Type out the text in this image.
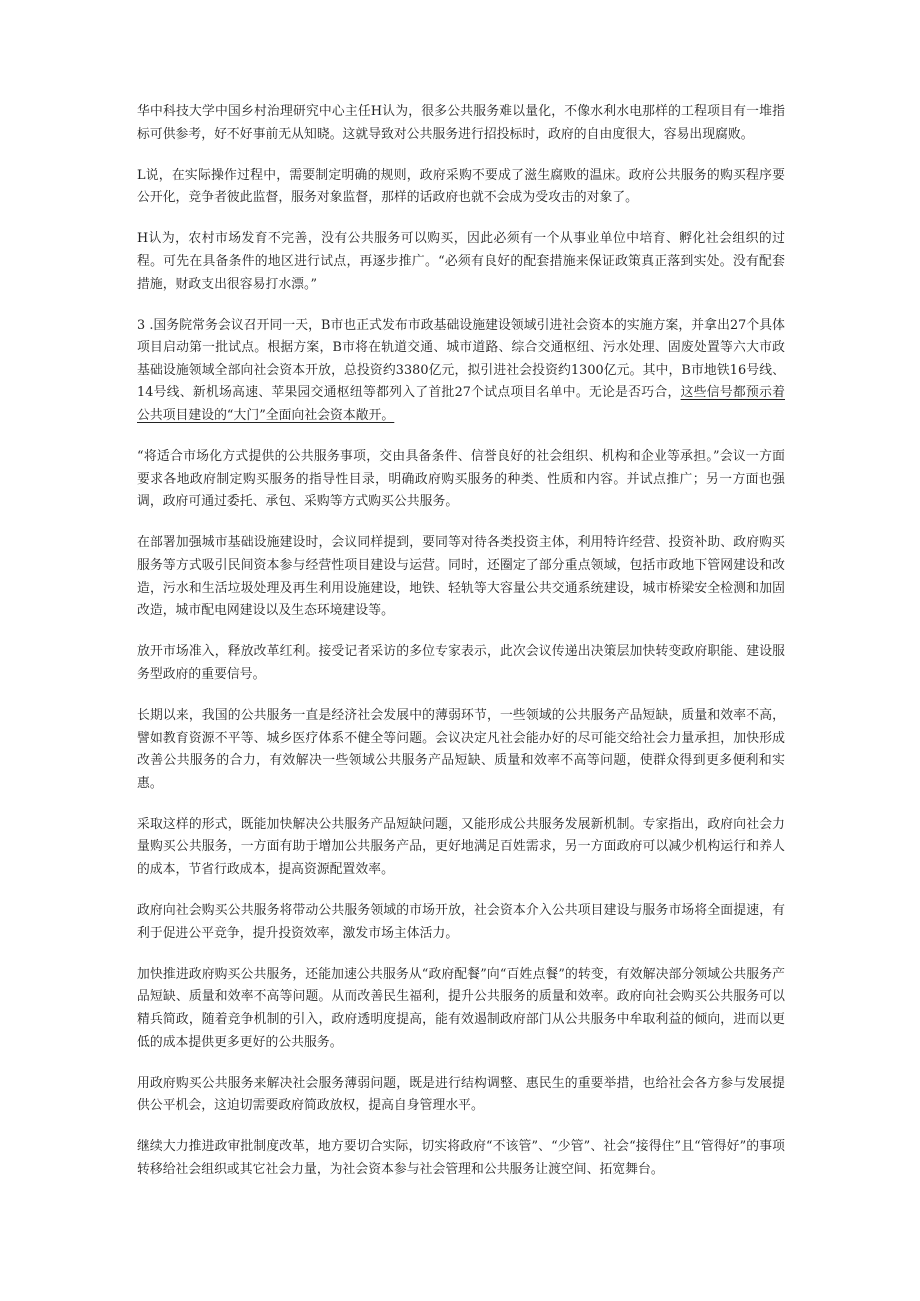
华中科技大学中国乡村治理研究中心主任H认为，很多公共服务难以量化，不像水利水电那样的工程项目有一堆指标可供参考，好不好事前无从知晓。这就导致对公共服务进行招投标时，政府的自由度很大，容易出现腐败。

L说，在实际操作过程中，需要制定明确的规则，政府采购不要成了滋生腐败的温床。政府公共服务的购买程序要公开化，竞争者彼此监督，服务对象监督，那样的话政府也就不会成为受攻击的对象了。

H认为，农村市场发育不完善，没有公共服务可以购买，因此必须有一个从事业单位中培育、孵化社会组织的过程。可先在具备条件的地区进行试点，再逐步推广。“必须有良好的配套措施来保证政策真正落到实处。没有配套措施，财政支出很容易打水漂。”

3 .国务院常务会议召开同一天，B市也正式发布市政基础设施建设领域引进社会资本的实施方案，并拿出27个具体项目启动第一批试点。根据方案，B市将在轨道交通、城市道路、综合交通枢纽、污水处理、固废处置等六大市政基础设施领域全部向社会资本开放，总投资约3380亿元，拟引进社会投资约1300亿元。其中，B市地铁16号线、14号线、新机场高速、苹果园交通枢纽等都列入了首批27个试点项目名单中。无论是否巧合，这些信号都预示着公共项目建设的“大门”全面向社会资本敞开。

“将适合市场化方式提供的公共服务事项，交由具备条件、信誉良好的社会组织、机构和企业等承担。”会议一方面要求各地政府制定购买服务的指导性目录，明确政府购买服务的种类、性质和内容。并试点推广；另一方面也强调，政府可通过委托、承包、采购等方式购买公共服务。

在部署加强城市基础设施建设时，会议同样提到，要同等对待各类投资主体，利用特许经营、投资补助、政府购买服务等方式吸引民间资本参与经营性项目建设与运营。同时，还圈定了部分重点领域，包括市政地下管网建设和改造，污水和生活垃圾处理及再生利用设施建设，地铁、轻轨等大容量公共交通系统建设，城市桥梁安全检测和加固改造，城市配电网建设以及生态环境建设等。

放开市场准入，释放改革红利。接受记者采访的多位专家表示，此次会议传递出决策层加快转变政府职能、建设服务型政府的重要信号。

长期以来，我国的公共服务一直是经济社会发展中的薄弱环节，一些领域的公共服务产品短缺，质量和效率不高，譬如教育资源不平等、城乡医疗体系不健全等问题。会议决定凡社会能办好的尽可能交给社会力量承担，加快形成改善公共服务的合力，有效解决一些领域公共服务产品短缺、质量和效率不高等问题，使群众得到更多便利和实惠。

采取这样的形式，既能加快解决公共服务产品短缺问题，又能形成公共服务发展新机制。专家指出，政府向社会力量购买公共服务，一方面有助于增加公共服务产品，更好地满足百姓需求，另一方面政府可以减少机构运行和养人的成本，节省行政成本，提高资源配置效率。

政府向社会购买公共服务将带动公共服务领域的市场开放，社会资本介入公共项目建设与服务市场将全面提速，有利于促进公平竞争，提升投资效率，激发市场主体活力。

加快推进政府购买公共服务，还能加速公共服务从“政府配餐”向“百姓点餐”的转变，有效解决部分领域公共服务产品短缺、质量和效率不高等问题。从而改善民生福利，提升公共服务的质量和效率。政府向社会购买公共服务可以精兵简政，随着竞争机制的引入，政府透明度提高，能有效遏制政府部门从公共服务中牟取利益的倾向，进而以更低的成本提供更多更好的公共服务。

用政府购买公共服务来解决社会服务薄弱问题，既是进行结构调整、惠民生的重要举措，也给社会各方参与发展提供公平机会，这迫切需要政府简政放权，提高自身管理水平。

继续大力推进政审批制度改革，地方要切合实际，切实将政府“不该管”、“少管”、社会“接得住”且“管得好”的事项转移给社会组织或其它社会力量，为社会资本参与社会管理和公共服务让渡空间、拓宽舞台。
